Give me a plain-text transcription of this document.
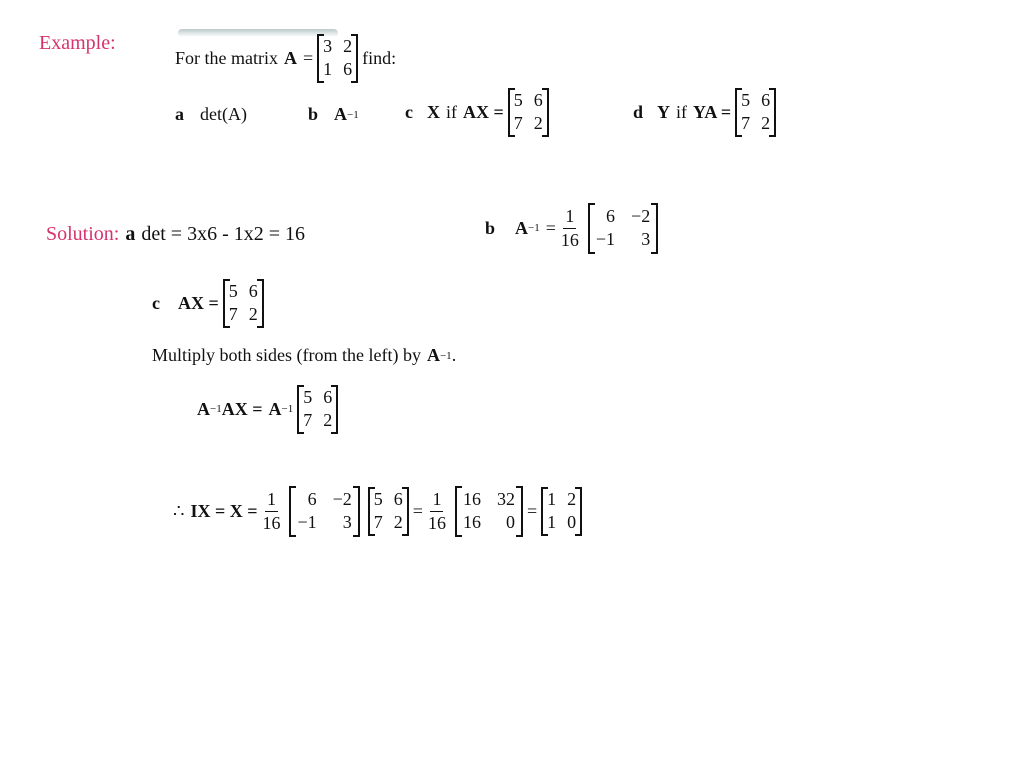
Example:
For the matrix A =
3 2
1 6
find:
a det(A)	b A −1	c X if AX =
5 6
7 2
d Y if YA =
5 6
7 2
Solution: a det = 3x6 - 1x2 = 16	b $A -1 = \frac{1}{16}$	6 −2
−1	3
c AX =
5 6
7 2
Multiply both sides (from the left) by A −1 .
A −1 AX = A −1
5 6
7 2
∴ IX = $X = \frac{1}{16}$	6 −2
−1	3
5 6
7 2
= $\frac{1}{16} 16$ 32
16	0
=
1 2
1 0
